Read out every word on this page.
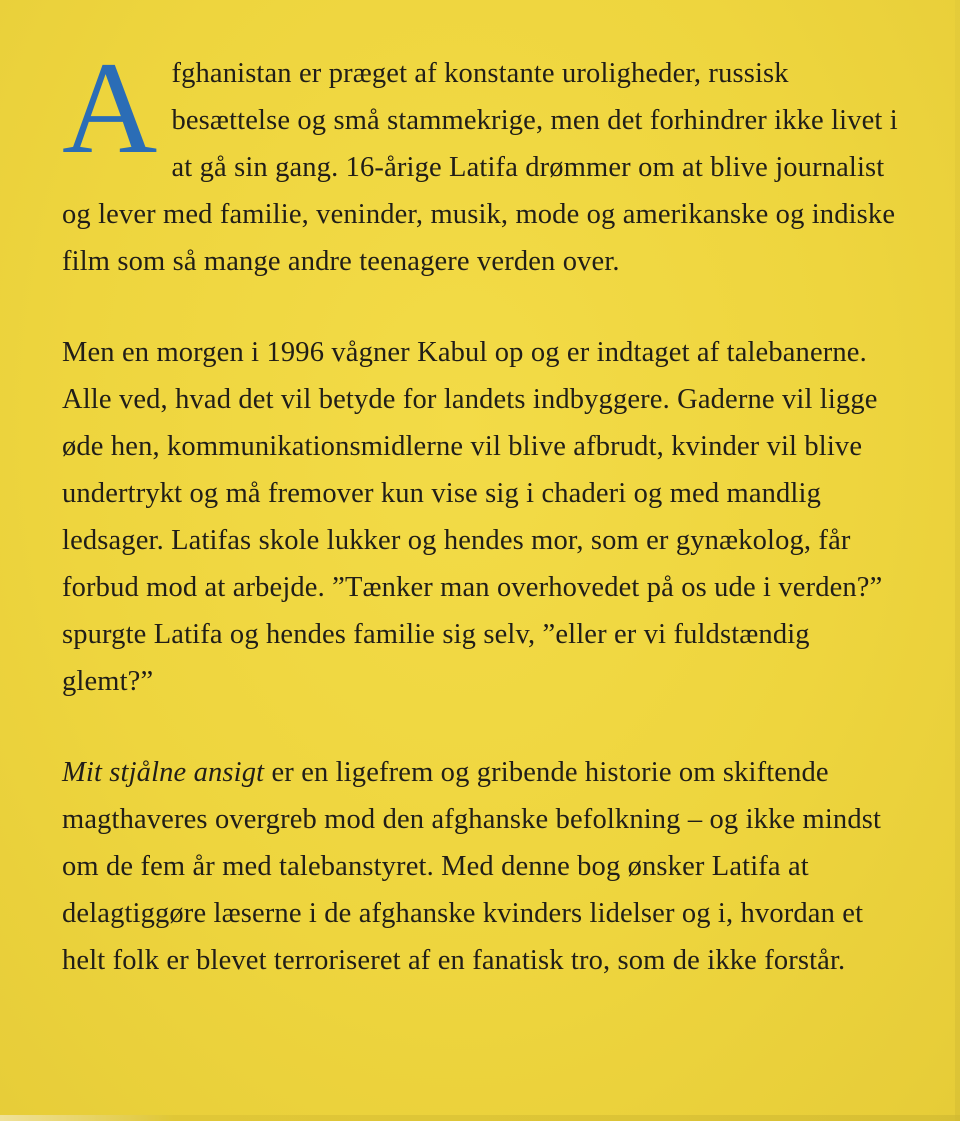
Afghanistan er præget af konstante uroligheder, russisk besættelse og små stammekrige, men det forhindrer ikke livet i at gå sin gang. 16-årige Latifa drømmer om at blive journalist og lever med familie, veninder, musik, mode og amerikanske og indiske film som så mange andre teenagere verden over.

Men en morgen i 1996 vågner Kabul op og er indtaget af talebanerne. Alle ved, hvad det vil betyde for landets indbyggere. Gaderne vil ligge øde hen, kommunikationsmidlerne vil blive afbrudt, kvinder vil blive undertrykt og må fremover kun vise sig i chaderi og med mandlig ledsager. Latifas skole lukker og hendes mor, som er gynækolog, får forbud mod at arbejde. ”Tænker man overhovedet på os ude i verden?” spurgte Latifa og hendes familie sig selv, ”eller er vi fuldstændig glemt?”

Mit stjålne ansigt er en ligefrem og gribende historie om skiftende magthaveres overgreb mod den afghanske befolkning – og ikke mindst om de fem år med talebanstyret. Med denne bog ønsker Latifa at delagtiggøre læserne i de afghanske kvinders lidelser og i, hvordan et helt folk er blevet terroriseret af en fanatisk tro, som de ikke forstår.
